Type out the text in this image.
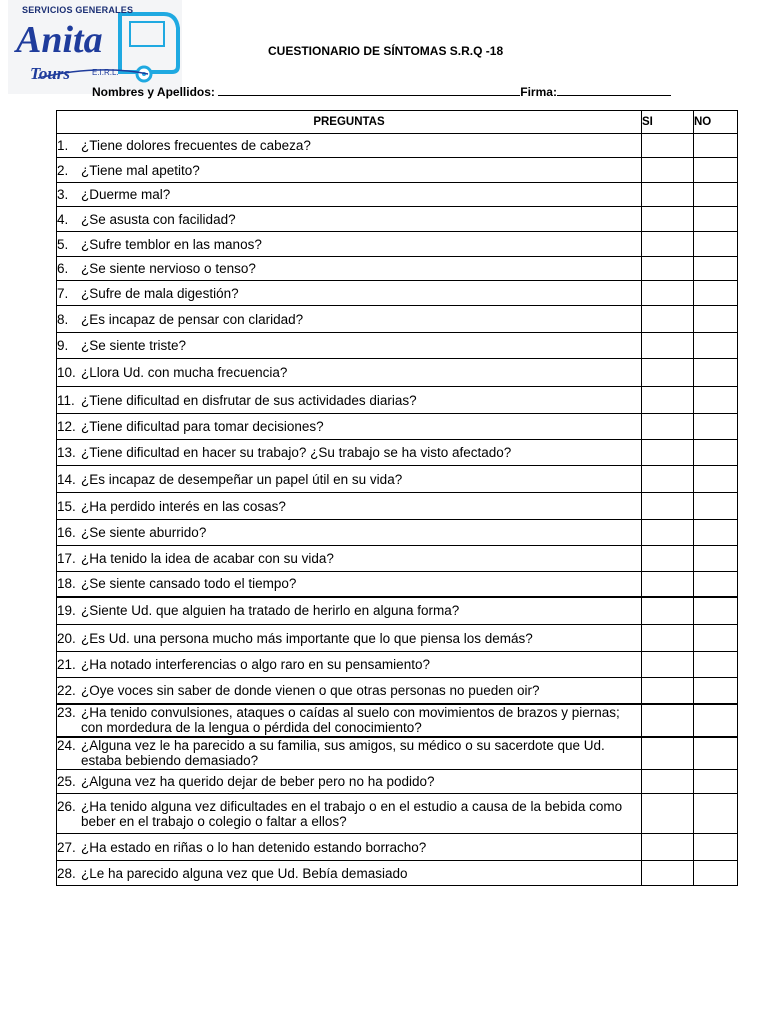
SERVICIOS GENERALES
Anita
Tours	E.I.R.L.
CUESTIONARIO DE SÍNTOMAS S.R.Q -18
Nombres y Apellidos:	Firma:
PREGUNTAS	SI	NO

1. ¿Tiene dolores frecuentes de cabeza?		

2. ¿Tiene mal apetito?		

3. ¿Duerme mal?		

4. ¿Se asusta con facilidad?		

5. ¿Sufre temblor en las manos?		

6. ¿Se siente nervioso o tenso?		

7. ¿Sufre de mala digestión?		

8. ¿Es incapaz de pensar con claridad?		

9. ¿Se siente triste?		

10. ¿Llora Ud. con mucha frecuencia?		

11. ¿Tiene dificultad en disfrutar de sus actividades diarias?		

12. ¿Tiene dificultad para tomar decisiones?		

13. ¿Tiene dificultad en hacer su trabajo? ¿Su trabajo se ha visto afectado?		

14. ¿Es incapaz de desempeñar un papel útil en su vida?		

15. ¿Ha perdido interés en las cosas?		

16. ¿Se siente aburrido?		

17. ¿Ha tenido la idea de acabar con su vida?		

18. ¿Se siente cansado todo el tiempo?		

19. ¿Siente Ud. que alguien ha tratado de herirlo en alguna forma?		

20. ¿Es Ud. una persona mucho más importante que lo que piensa los demás?		

21. ¿Ha notado interferencias o algo raro en su pensamiento?		

22. ¿Oye voces sin saber de donde vienen o que otras personas no pueden oir?		

23. ¿Ha tenido convulsiones, ataques o caídas al suelo con movimientos de brazos y piernas; con mordedura de la lengua o pérdida del conocimiento?		

24. ¿Alguna vez le ha parecido a su familia, sus amigos, su médico o su sacerdote que Ud. estaba bebiendo demasiado?		

25. ¿Alguna vez ha querido dejar de beber pero no ha podido?		

26. ¿Ha tenido alguna vez dificultades en el trabajo o en el estudio a causa de la bebida como beber en el trabajo o colegio o faltar a ellos?		

27. ¿Ha estado en riñas o lo han detenido estando borracho?		

28. ¿Le ha parecido alguna vez que Ud. Bebía demasiado		
